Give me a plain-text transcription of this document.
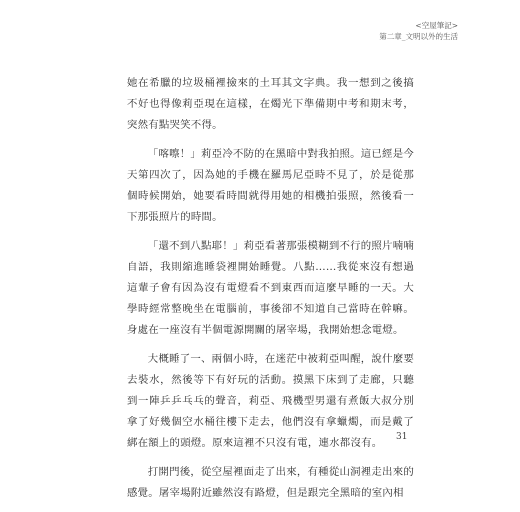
<空屋筆記>
第二章_文明以外的生活

她在希臘的垃圾桶裡撿來的土耳其文字典。我一想到之後搞不好也得像莉亞現在這樣，在燭光下準備期中考和期末考，突然有點哭笑不得。

「喀嚓！」莉亞冷不防的在黑暗中對我拍照。這已經是今天第四次了，因為她的手機在羅馬尼亞時不見了，於是從那個時候開始，她要看時間就得用她的相機拍張照，然後看一下那張照片的時間。

「還不到八點耶！」莉亞看著那張模糊到不行的照片喃喃自語，我則縮進睡袋裡開始睡覺。八點……我從來沒有想過這輩子會有因為沒有電燈看不到東西而這麼早睡的一天。大學時經常整晚坐在電腦前，事後卻不知道自己當時在幹嘛。身處在一座沒有半個電源開關的屠宰場，我開始想念電燈。

大概睡了一、兩個小時，在迷茫中被莉亞叫醒，說什麼要去裝水，然後等下有好玩的活動。摸黑下床到了走廊，只聽到一陣乒乒乓乓的聲音，莉亞、飛機型男還有煮飯大叔分別拿了好幾個空水桶往樓下走去，他們沒有拿蠟燭，而是戴了綁在額上的頭燈。原來這裡不只沒有電，連水都沒有。

打開門後，從空屋裡面走了出來，有種從山洞裡走出來的感覺。屠宰場附近雖然沒有路燈，但是跟完全黑暗的室內相

31
